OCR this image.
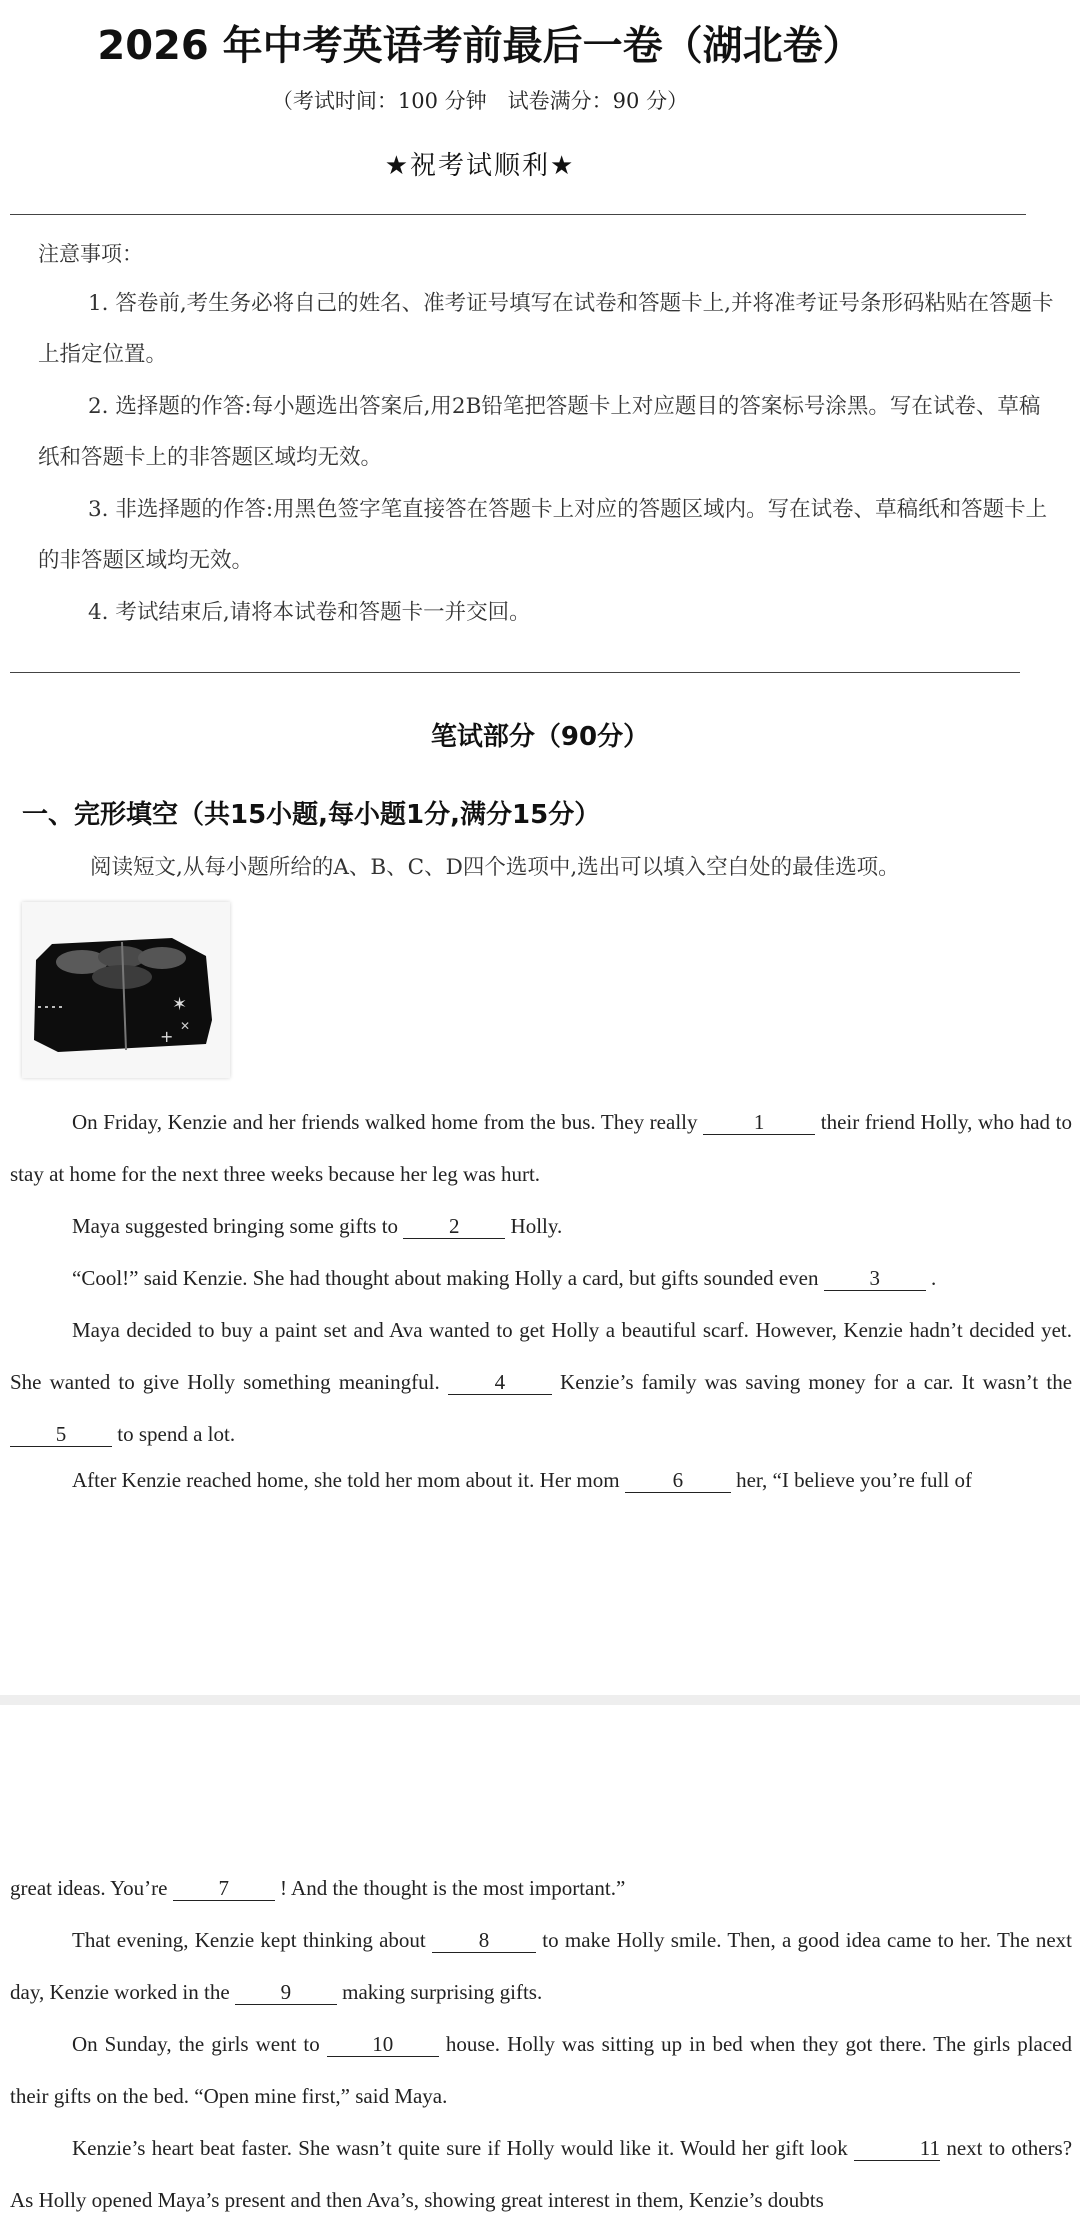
2026 年中考英语考前最后一卷（湖北卷）
（考试时间：100 分钟　试卷满分：90 分）
★祝考试顺利★
注意事项：
1. 答卷前,考生务必将自己的姓名、准考证号填写在试卷和答题卡上,并将准考证号条形码粘贴在答题卡上指定位置。
2. 选择题的作答:每小题选出答案后,用2B铅笔把答题卡上对应题目的答案标号涂黑。写在试卷、草稿纸和答题卡上的非答题区域均无效。
3. 非选择题的作答:用黑色签字笔直接答在答题卡上对应的答题区域内。写在试卷、草稿纸和答题卡上的非答题区域均无效。
4. 考试结束后,请将本试卷和答题卡一并交回。
笔试部分（90分）
一、完形填空（共15小题,每小题1分,满分15分）
阅读短文,从每小题所给的A、B、C、D四个选项中,选出可以填入空白处的最佳选项。
✶
+
✕
On Friday, Kenzie and her friends walked home from the bus. They really	1	their friend Holly, who had to stay at home for the next three weeks because her leg was hurt.
Maya suggested bringing some gifts to 2 Holly.
“Cool!” said Kenzie. She had thought about making Holly a card, but gifts sounded even 3 .
Maya decided to buy a paint set and Ava wanted to get Holly a beautiful scarf. However, Kenzie hadn’t decided yet. She wanted to give Holly something meaningful.	4	Kenzie’s family was saving money for a car. It wasn’t the 5 to spend a lot.
After Kenzie reached home, she told her mom about it. Her mom	6	her, “I believe you’re full of
great ideas. You’re 7 ! And the thought is the most important.”
That evening, Kenzie kept thinking about	8	to make Holly smile. Then, a good idea came to her. The next day, Kenzie worked in the 9 making surprising gifts.
On Sunday, the girls went to	10	house. Holly was sitting up in bed when they got there. The girls placed their gifts on the bed. “Open mine first,” said Maya.
Kenzie’s heart beat faster. She wasn’t quite sure if Holly would like it. Would her gift look	11 next to others? As Holly opened Maya’s present and then Ava’s, showing great interest in them, Kenzie’s doubts
